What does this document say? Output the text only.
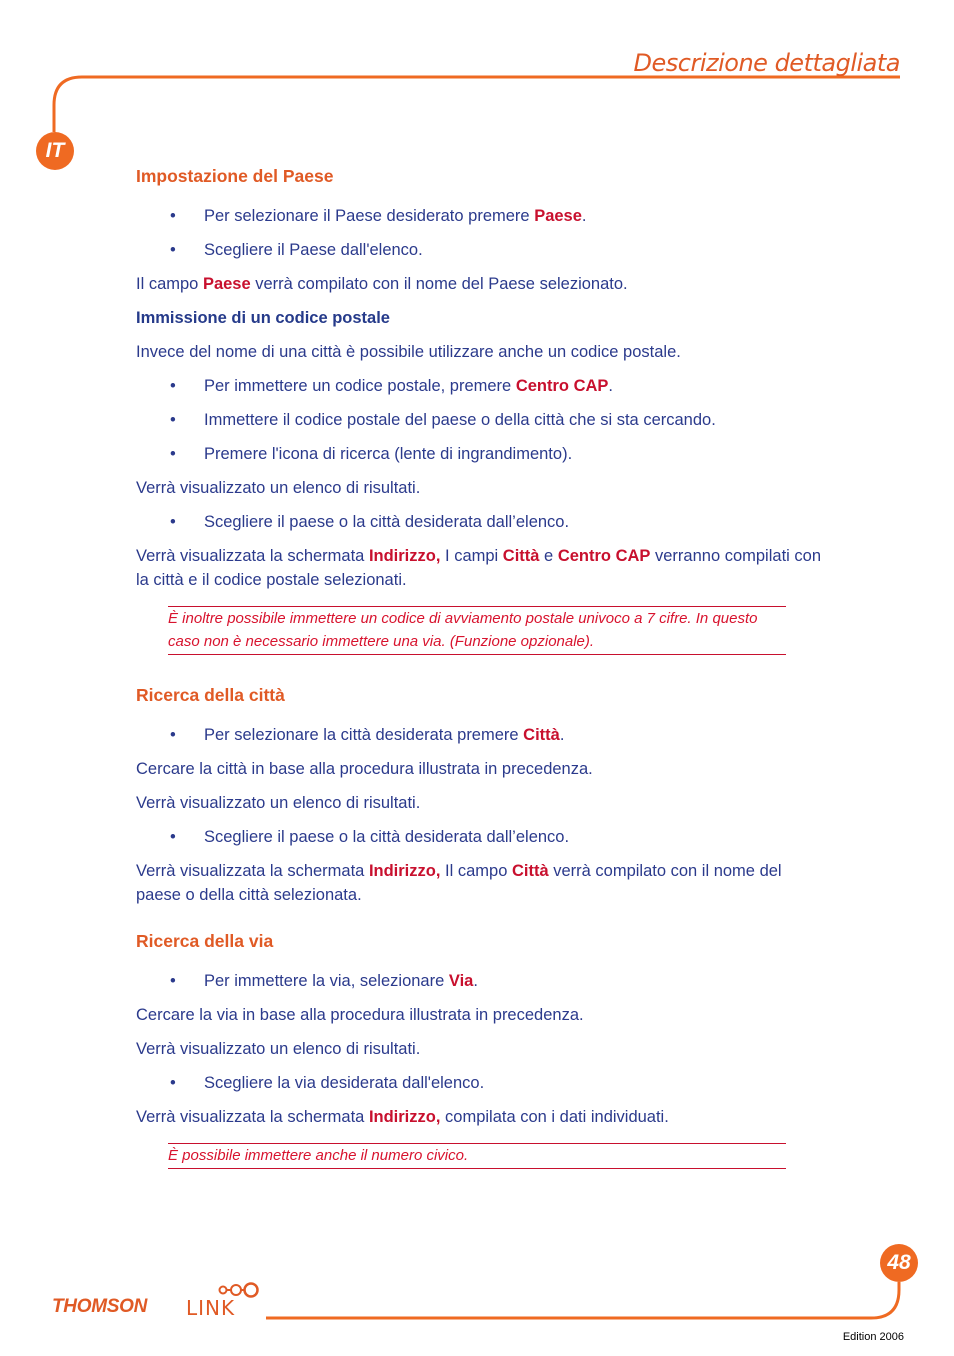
Descrizione dettagliata
IT
Impostazione del Paese
• Per selezionare il Paese desiderato premere Paese.
• Scegliere il Paese dall'elenco.

Il campo Paese verrà compilato con il nome del Paese selezionato.

Immissione di un codice postale

Invece del nome di una città è possibile utilizzare anche un codice postale.

• Per immettere un codice postale, premere Centro CAP.
• Immettere il codice postale del paese o della città che si sta cercando.
• Premere l'icona di ricerca (lente di ingrandimento).

Verrà visualizzato un elenco di risultati.

• Scegliere il paese o la città desiderata dall’elenco.

Verrà visualizzata la schermata Indirizzo, I campi Città e Centro CAP verranno compilati con la città e il codice postale selezionati.

È inoltre possibile immettere un codice di avviamento postale univoco a 7 cifre. In questo caso non è necessario immettere una via. (Funzione opzionale).
Ricerca della città
• Per selezionare la città desiderata premere Città.

Cercare la città in base alla procedura illustrata in precedenza.

Verrà visualizzato un elenco di risultati.

• Scegliere il paese o la città desiderata dall’elenco.

Verrà visualizzata la schermata Indirizzo, Il campo Città verrà compilato con il nome del paese o della città selezionata.

Ricerca della via
• Per immettere la via, selezionare Via.

Cercare la via in base alla procedura illustrata in precedenza.

Verrà visualizzato un elenco di risultati.

• Scegliere la via desiderata dall'elenco.

Verrà visualizzata la schermata Indirizzo, compilata con i dati individuati.

È possibile immettere anche il numero civico.
48
THOMSON LINK
Edition 2006
